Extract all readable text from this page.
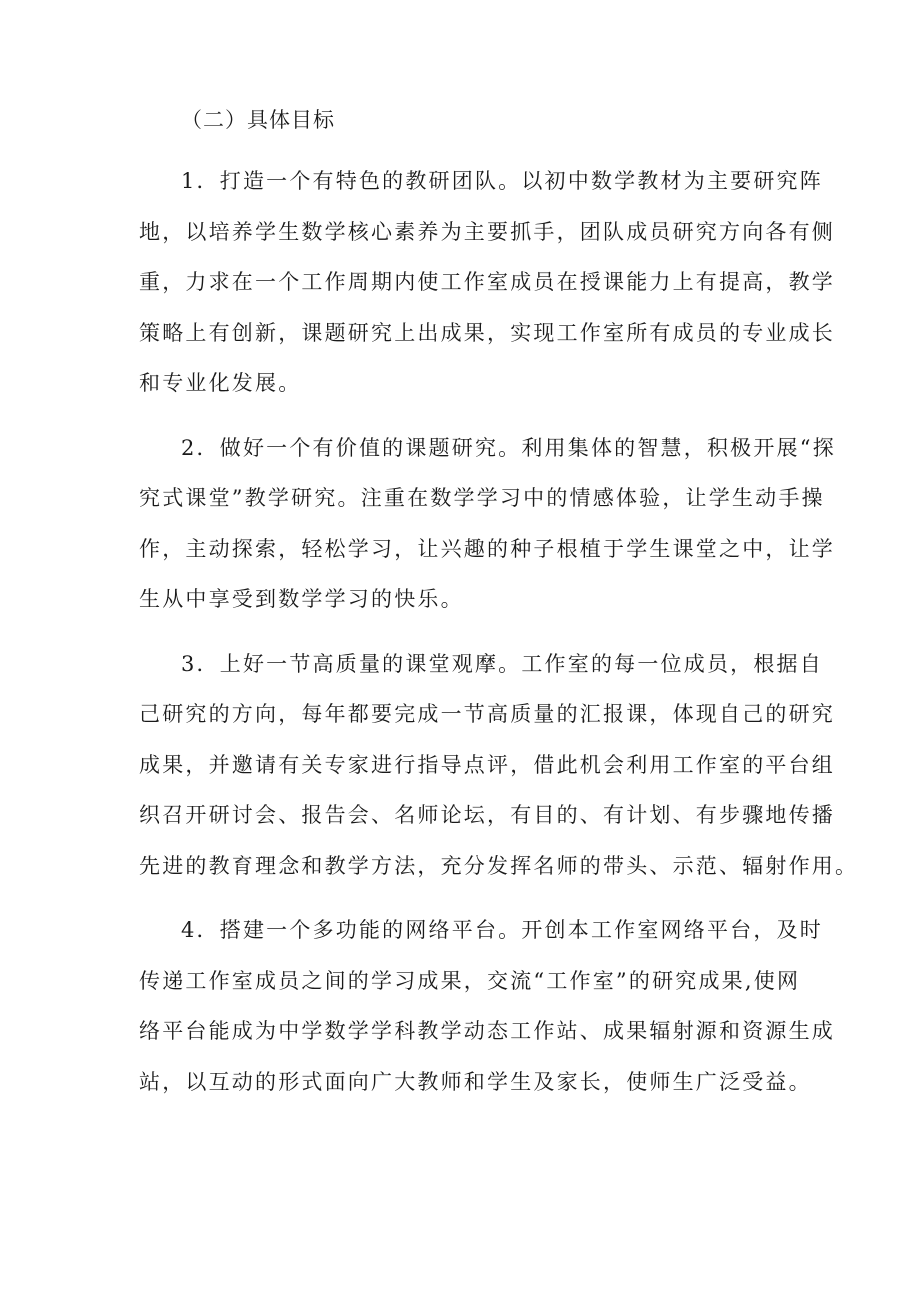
（二）具体目标
1．打造一个有特色的教研团队。以初中数学教材为主要研究阵
地，以培养学生数学核心素养为主要抓手，团队成员研究方向各有侧
重，力求在一个工作周期内使工作室成员在授课能力上有提高，教学
策略上有创新，课题研究上出成果，实现工作室所有成员的专业成长
和专业化发展。
2．做好一个有价值的课题研究。利用集体的智慧，积极开展“探
究式课堂”教学研究。注重在数学学习中的情感体验，让学生动手操
作，主动探索，轻松学习，让兴趣的种子根植于学生课堂之中，让学
生从中享受到数学学习的快乐。
3．上好一节高质量的课堂观摩。工作室的每一位成员，根据自
己研究的方向，每年都要完成一节高质量的汇报课，体现自己的研究
成果，并邀请有关专家进行指导点评，借此机会利用工作室的平台组
织召开研讨会、报告会、名师论坛，有目的、有计划、有步骤地传播
先进的教育理念和教学方法，充分发挥名师的带头、示范、辐射作用。
4．搭建一个多功能的网络平台。开创本工作室网络平台，及时
传递工作室成员之间的学习成果，交流“工作室”的研究成果,使网
络平台能成为中学数学学科教学动态工作站、成果辐射源和资源生成
站，以互动的形式面向广大教师和学生及家长，使师生广泛受益。
